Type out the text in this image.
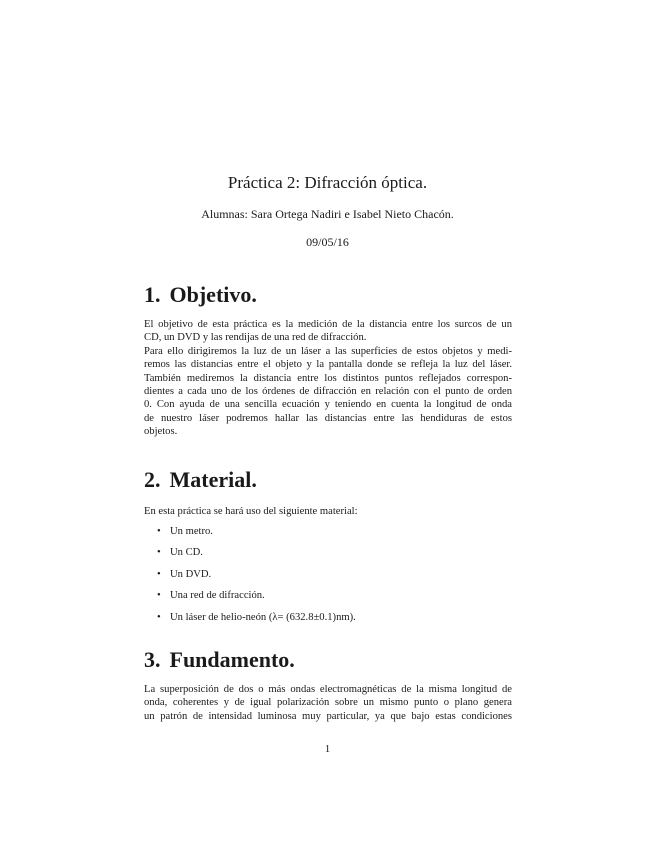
Práctica 2: Difracción óptica.
Alumnas: Sara Ortega Nadiri e Isabel Nieto Chacón.
09/05/16
1. Objetivo.
El objetivo de esta práctica es la medición de la distancia entre los surcos de un
CD, un DVD y las rendijas de una red de difracción.
Para ello dirigiremos la luz de un láser a las superficies de estos objetos y medi-
remos las distancias entre el objeto y la pantalla donde se refleja la luz del láser.
También mediremos la distancia entre los distintos puntos reflejados correspon-
dientes a cada uno de los órdenes de difracción en relación con el punto de orden
0. Con ayuda de una sencilla ecuación y teniendo en cuenta la longitud de onda
de nuestro láser podremos hallar las distancias entre las hendiduras de estos
objetos.
2. Material.
En esta práctica se hará uso del siguiente material:
• Un metro.
• Un CD.
• Un DVD.
• Una red de difracción.
• Un láser de helio-neón (λ= (632.8±0.1)nm).
3. Fundamento.
La superposición de dos o más ondas electromagnéticas de la misma longitud de
onda, coherentes y de igual polarización sobre un mismo punto o plano genera
un patrón de intensidad luminosa muy particular, ya que bajo estas condiciones
1
